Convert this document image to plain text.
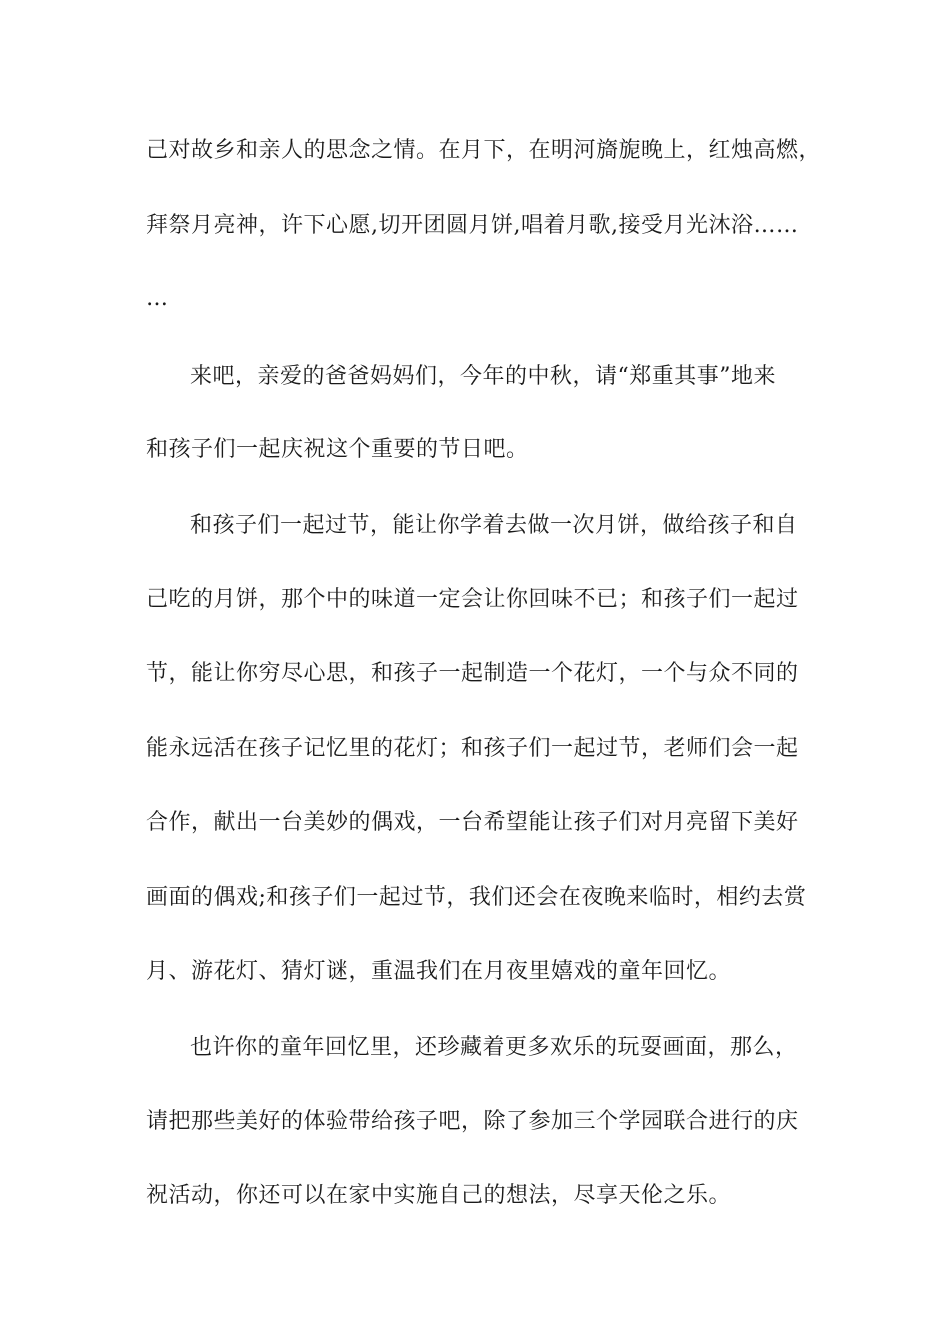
己对故乡和亲人的思念之情。在月下，在明河旖旎晚上，红烛高燃，
拜祭月亮神，许下心愿,切开团圆月饼,唱着月歌,接受月光沐浴……
…
来吧，亲爱的爸爸妈妈们，今年的中秋，请“郑重其事”地来
和孩子们一起庆祝这个重要的节日吧。
和孩子们一起过节，能让你学着去做一次月饼，做给孩子和自
己吃的月饼，那个中的味道一定会让你回味不已；和孩子们一起过
节，能让你穷尽心思，和孩子一起制造一个花灯，一个与众不同的
能永远活在孩子记忆里的花灯；和孩子们一起过节，老师们会一起
合作，献出一台美妙的偶戏，一台希望能让孩子们对月亮留下美好
画面的偶戏;和孩子们一起过节，我们还会在夜晚来临时，相约去赏
月、游花灯、猜灯谜，重温我们在月夜里嬉戏的童年回忆。
也许你的童年回忆里，还珍藏着更多欢乐的玩耍画面，那么，
请把那些美好的体验带给孩子吧，除了参加三个学园联合进行的庆
祝活动，你还可以在家中实施自己的想法，尽享天伦之乐。
